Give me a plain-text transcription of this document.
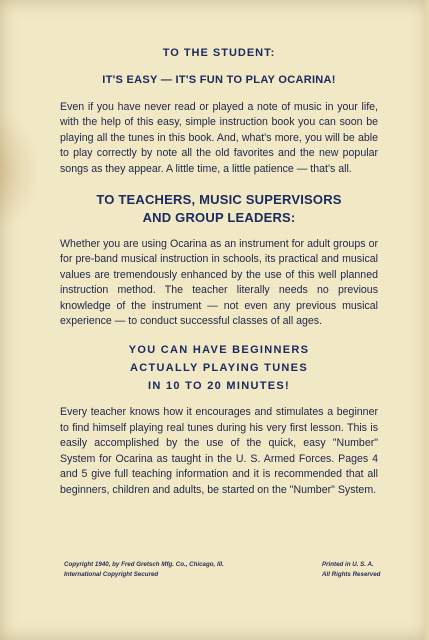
TO THE STUDENT:

IT'S EASY — IT'S FUN TO PLAY OCARINA!

Even if you have never read or played a note of music in your life, with the help of this easy, simple instruction book you can soon be playing all the tunes in this book. And, what's more, you will be able to play correctly by note all the old favorites and the new popular songs as they appear. A little time, a little patience — that's all.

TO TEACHERS, MUSIC SUPERVISORS
AND GROUP LEADERS:

Whether you are using Ocarina as an instrument for adult groups or for pre-band musical instruction in schools, its practical and musical values are tremendously enhanced by the use of this well planned instruction method. The teacher literally needs no previous knowledge of the instrument — not even any previous musical experience — to conduct successful classes of all ages.

YOU CAN HAVE BEGINNERS
ACTUALLY PLAYING TUNES
IN 10 TO 20 MINUTES!

Every teacher knows how it encourages and stimulates a beginner to find himself playing real tunes during his very first lesson. This is easily accomplished by the use of the quick, easy "Number" System for Ocarina as taught in the U. S. Armed Forces. Pages 4 and 5 give full teaching information and it is recommended that all beginners, children and adults, be started on the "Number" System.

Copyright 1940, by Fred Gretsch Mfg. Co., Chicago, Ill.
International Copyright Secured
Printed in U. S. A.
All Rights Reserved
